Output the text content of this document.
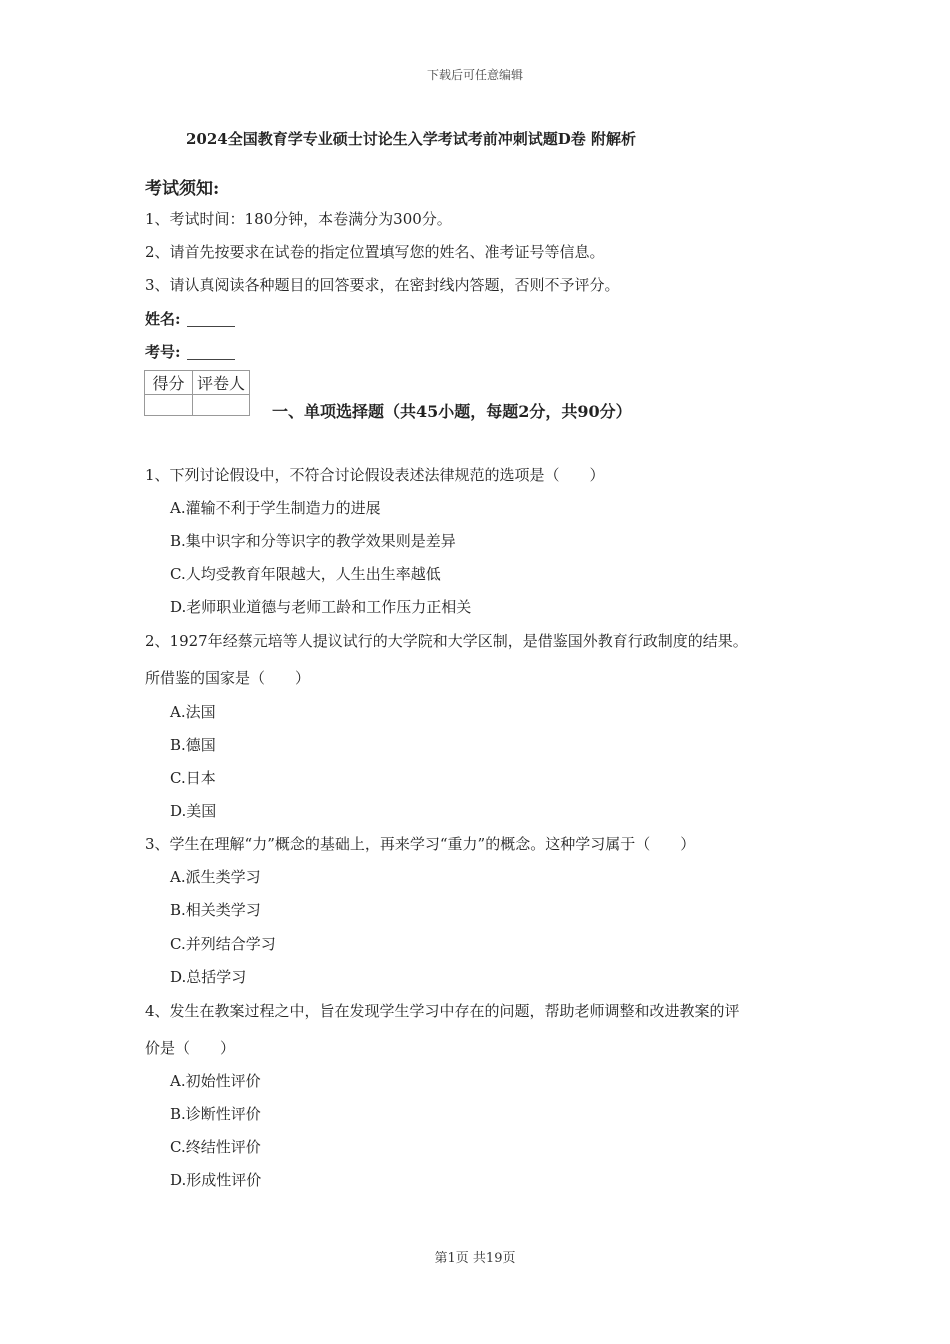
下载后可任意编辑
2024全国教育学专业硕士讨论生入学考试考前冲刺试题D卷 附解析
考试须知:
1、考试时间：180分钟，本卷满分为300分。
2、请首先按要求在试卷的指定位置填写您的姓名、准考证号等信息。
3、请认真阅读各种题目的回答要求，在密封线内答题，否则不予评分。
姓名:
考号:
得分	评卷人

一、单项选择题（共45小题，每题2分，共90分）
1、下列讨论假设中，不符合讨论假设表述法律规范的选项是（　　）
A.灌输不利于学生制造力的进展
B.集中识字和分等识字的教学效果则是差异
C.人均受教育年限越大，人生出生率越低
D.老师职业道德与老师工龄和工作压力正相关
2、1927年经蔡元培等人提议试行的大学院和大学区制，是借鉴国外教育行政制度的结果。
所借鉴的国家是（　　）
A.法国
B.德国
C.日本
D.美国
3、学生在理解“力”概念的基础上，再来学习“重力”的概念。这种学习属于（　　）
A.派生类学习
B.相关类学习
C.并列结合学习
D.总括学习
4、发生在教案过程之中，旨在发现学生学习中存在的问题，帮助老师调整和改进教案的评
价是（　　）
A.初始性评价
B.诊断性评价
C.终结性评价
D.形成性评价
第1页 共19页
